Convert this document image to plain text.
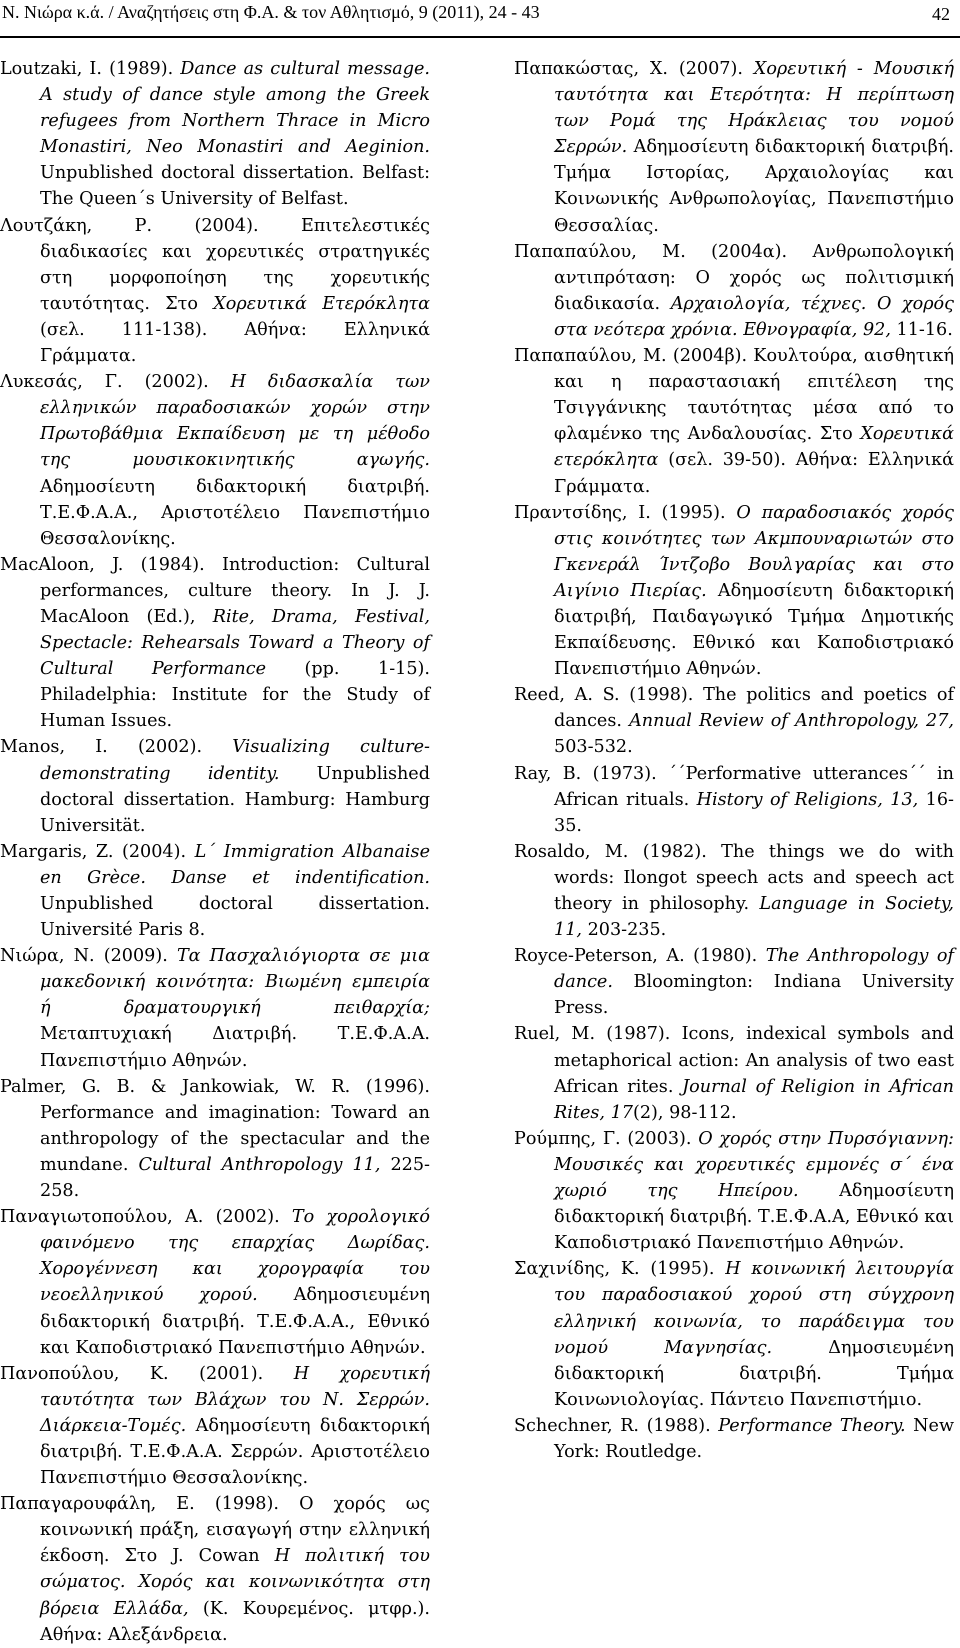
Ν. Νιώρα κ.ά. / Αναζητήσεις στη Φ.Α. & τον Αθλητισμό, 9 (2011), 24 - 43	42

Loutzaki, I. (1989). Dance as cultural message. A study of dance style among the Greek refugees from Northern Thrace in Micro Monastiri, Neo Monastiri and Aeginion. Unpublished doctoral dissertation. Belfast: The Queen΄s University of Belfast.

Λουτζάκη, Ρ. (2004). Επιτελεστικές διαδικασίες και χορευτικές στρατηγικές στη μορφοποίηση της χορευτικής ταυτότητας. Στο Χορευτικά Ετερόκλητα (σελ. 111-138). Αθήνα: Ελληνικά Γράμματα.

Λυκεσάς, Γ. (2002). Η διδασκαλία των ελληνικών παραδοσιακών χορών στην Πρωτοβάθμια Εκπαίδευση με τη μέθοδο της μουσικοκινητικής αγωγής. Αδημοσίευτη διδακτορική διατριβή. Τ.Ε.Φ.Α.Α., Αριστοτέλειο Πανεπιστήμιο Θεσσαλονίκης.

MacAloon, J. (1984). Introduction: Cultural performances, culture theory. In J. J. MacAloon (Ed.), Rite, Drama, Festival, Spectacle: Rehearsals Toward a Theory of Cultural Performance (pp. 1-15). Philadelphia: Institute for the Study of Human Issues.

Manos, I. (2002). Visualizing culture-demonstrating identity. Unpublished doctoral dissertation. Hamburg: Hamburg Universität.

Margaris, Z. (2004). L΄ Immigration Albanaise en Grèce. Danse et indentification. Unpublished doctoral dissertation. Université Paris 8.

Νιώρα, Ν. (2009). Τα Πασχαλιόγιορτα σε μια μακεδονική κοινότητα: Βιωμένη εμπειρία ή δραματουργική πειθαρχία; Μεταπτυχιακή Διατριβή. Τ.Ε.Φ.Α.Α. Πανεπιστήμιο Αθηνών.

Palmer, G. B. & Jankowiak, W. R. (1996). Performance and imagination: Toward an anthropology of the spectacular and the mundane. Cultural Anthropology 11, 225-258.

Παναγιωτοπούλου, Α. (2002). Το χορολογικό φαινόμενο της επαρχίας Δωρίδας. Χορογέννεση και χορογραφία του νεοελληνικού χορού. Αδημοσιευμένη διδακτορική διατριβή. Τ.Ε.Φ.Α.Α., Εθνικό και Καποδιστριακό Πανεπιστήμιο Αθηνών.

Πανοπούλου, Κ. (2001). Η χορευτική ταυτότητα των Βλάχων του Ν. Σερρών. Διάρκεια-Τομές. Αδημοσίευτη διδακτορική διατριβή. Τ.Ε.Φ.Α.Α. Σερρών. Αριστοτέλειο Πανεπιστήμιο Θεσσαλονίκης.

Παπαγαρουφάλη, Ε. (1998). Ο χορός ως κοινωνική πράξη, εισαγωγή στην ελληνική έκδοση. Στο J. Cowan Η πολιτική του σώματος. Χορός και κοινωνικότητα στη βόρεια Ελλάδα, (Κ. Κουρεμένος. μτφρ.). Αθήνα: Αλεξάνδρεια.

Παπακώστας, Χ. (2007). Χορευτική - Μουσική ταυτότητα και Ετερότητα: Η περίπτωση των Ρομά της Ηράκλειας του νομού Σερρών. Αδημοσίευτη διδακτορική διατριβή. Τμήμα Ιστορίας, Αρχαιολογίας και Κοινωνικής Ανθρωπολογίας, Πανεπιστήμιο Θεσσαλίας.

Παπαπαύλου, Μ. (2004α). Ανθρωπολογική αντιπρόταση: Ο χορός ως πολιτισμική διαδικασία. Αρχαιολογία, τέχνες. Ο χορός στα νεότερα χρόνια. Εθνογραφία, 92, 11-16.

Παπαπαύλου, Μ. (2004β). Κουλτούρα, αισθητική και η παραστασιακή επιτέλεση της Τσιγγάνικης ταυτότητας μέσα από το φλαμένκο της Ανδαλουσίας. Στο Χορευτικά ετερόκλητα (σελ. 39-50). Αθήνα: Ελληνικά Γράμματα.

Πραντσίδης, Ι. (1995). Ο παραδοσιακός χορός στις κοινότητες των Ακμπουναριωτών στο Γκενεράλ Ίντζοβο Βουλγαρίας και στο Αιγίνιο Πιερίας. Αδημοσίευτη διδακτορική διατριβή, Παιδαγωγικό Τμήμα Δημοτικής Εκπαίδευσης. Εθνικό και Καποδιστριακό Πανεπιστήμιο Αθηνών.

Reed, A. S. (1998). The politics and poetics of dances. Annual Review of Anthropology, 27, 503-532.

Ray, B. (1973). ΄΄Performative utterances΄΄ in African rituals. History of Religions, 13, 16-35.

Rosaldo, M. (1982). The things we do with words: Ilongot speech acts and speech act theory in philosophy. Language in Society, 11, 203-235.

Royce-Peterson, A. (1980). The Anthropology of dance. Bloomington: Indiana University Press.

Ruel, M. (1987). Icons, indexical symbols and metaphorical action: An analysis of two east African rites. Journal of Religion in African Rites, 17(2), 98-112.

Ρούμπης, Γ. (2003). Ο χορός στην Πυρσόγιαννη: Μουσικές και χορευτικές εμμονές σ΄ ένα χωριό της Ηπείρου. Αδημοσίευτη διδακτορική διατριβή. Τ.Ε.Φ.Α.Α, Εθνικό και Καποδιστριακό Πανεπιστήμιο Αθηνών.

Σαχινίδης, Κ. (1995). Η κοινωνική λειτουργία του παραδοσιακού χορού στη σύγχρονη ελληνική κοινωνία, το παράδειγμα του νομού Μαγνησίας. Δημοσιευμένη διδακτορική διατριβή. Τμήμα Κοινωνιολογίας. Πάντειο Πανεπιστήμιο.

Schechner, R. (1988). Performance Theory. New York: Routledge.
